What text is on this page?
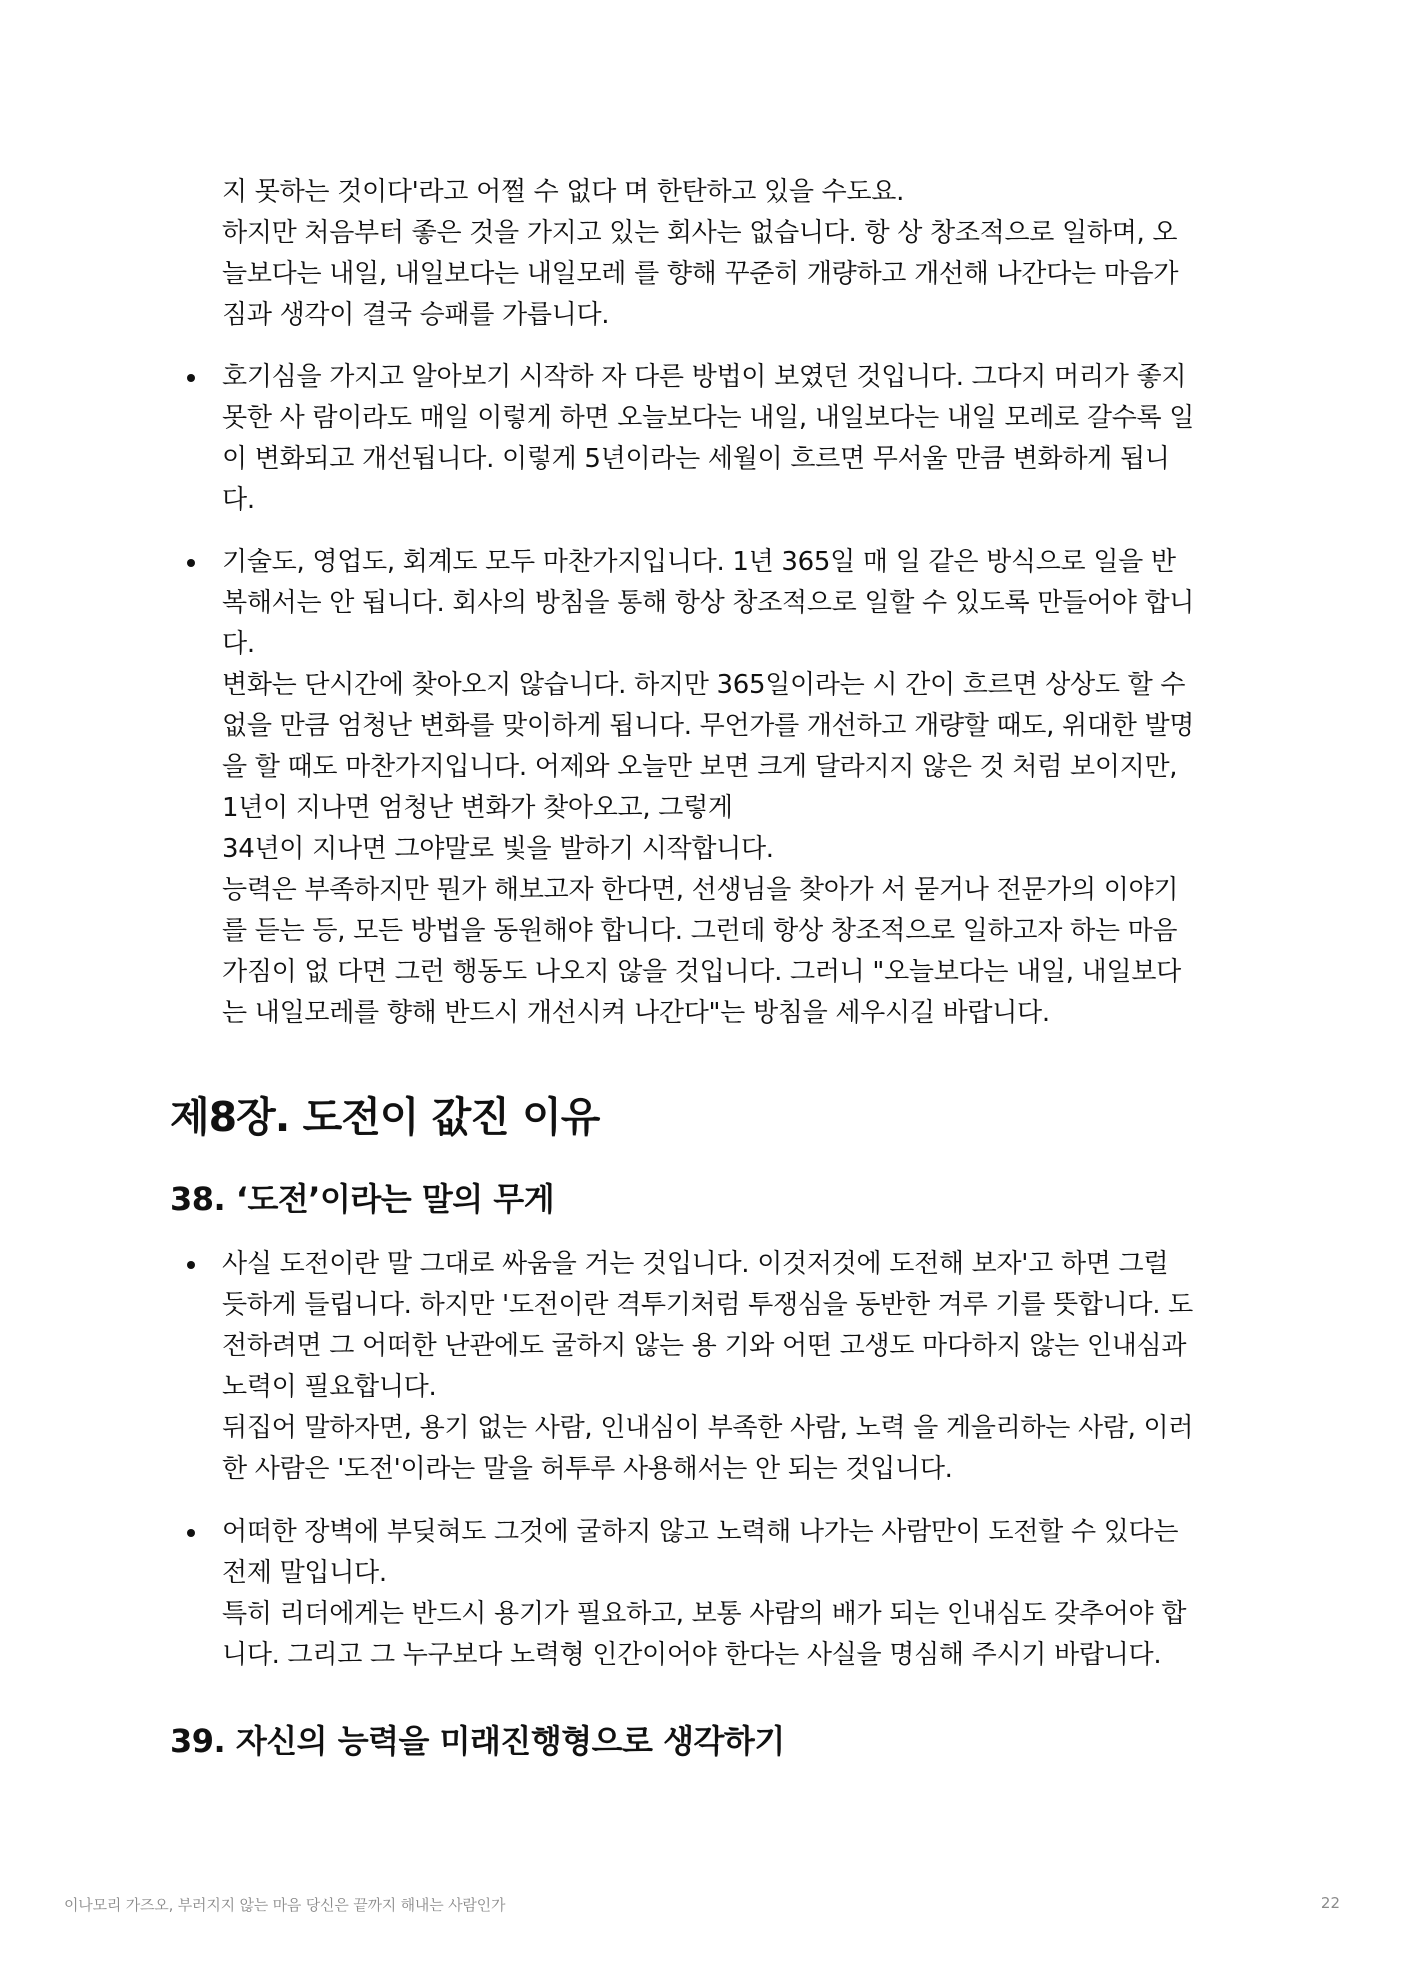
지 못하는 것이다'라고 어쩔 수 없다 며 한탄하고 있을 수도요.

하지만 처음부터 좋은 것을 가지고 있는 회사는 없습니다. 항 상 창조적으로 일하며, 오

늘보다는 내일, 내일보다는 내일모레 를 향해 꾸준히 개량하고 개선해 나간다는 마음가

짐과 생각이 결국 승패를 가릅니다.

호기심을 가지고 알아보기 시작하 자 다른 방법이 보였던 것입니다. 그다지 머리가 좋지

못한 사 람이라도 매일 이렇게 하면 오늘보다는 내일, 내일보다는 내일 모레로 갈수록 일

이 변화되고 개선됩니다. 이렇게 5년이라는 세월이 흐르면 무서울 만큼 변화하게 됩니

다.

기술도, 영업도, 회계도 모두 마찬가지입니다. 1년 365일 매 일 같은 방식으로 일을 반

복해서는 안 됩니다. 회사의 방침을 통해 항상 창조적으로 일할 수 있도록 만들어야 합니

다.

변화는 단시간에 찾아오지 않습니다. 하지만 365일이라는 시 간이 흐르면 상상도 할 수

없을 만큼 엄청난 변화를 맞이하게 됩니다. 무언가를 개선하고 개량할 때도, 위대한 발명

을 할 때도 마찬가지입니다. 어제와 오늘만 보면 크게 달라지지 않은 것 처럼 보이지만,

1년이 지나면 엄청난 변화가 찾아오고, 그렇게

34년이 지나면 그야말로 빛을 발하기 시작합니다.

능력은 부족하지만 뭔가 해보고자 한다면, 선생님을 찾아가 서 묻거나 전문가의 이야기

를 듣는 등, 모든 방법을 동원해야 합니다. 그런데 항상 창조적으로 일하고자 하는 마음

가짐이 없 다면 그런 행동도 나오지 않을 것입니다. 그러니 "오늘보다는 내일, 내일보다

는 내일모레를 향해 반드시 개선시켜 나간다"는 방침을 세우시길 바랍니다.

제8장. 도전이 값진 이유
38. ‘도전’이라는 말의 무게

사실 도전이란 말 그대로 싸움을 거는 것입니다. 이것저것에 도전해 보자'고 하면 그럴

듯하게 들립니다. 하지만 '도전이란 격투기처럼 투쟁심을 동반한 겨루 기를 뜻합니다. 도

전하려면 그 어떠한 난관에도 굴하지 않는 용 기와 어떤 고생도 마다하지 않는 인내심과

노력이 필요합니다.

뒤집어 말하자면, 용기 없는 사람, 인내심이 부족한 사람, 노력 을 게을리하는 사람, 이러

한 사람은 '도전'이라는 말을 허투루 사용해서는 안 되는 것입니다.

어떠한 장벽에 부딪혀도 그것에 굴하지 않고 노력해 나가는 사람만이 도전할 수 있다는

전제 말입니다.

특히 리더에게는 반드시 용기가 필요하고, 보통 사람의 배가 되는 인내심도 갖추어야 합

니다. 그리고 그 누구보다 노력형 인간이어야 한다는 사실을 명심해 주시기 바랍니다.

39. 자신의 능력을 미래진행형으로 생각하기
이나모리 가즈오, 부러지지 않는 마음 당신은 끝까지 해내는 사람인가	22
